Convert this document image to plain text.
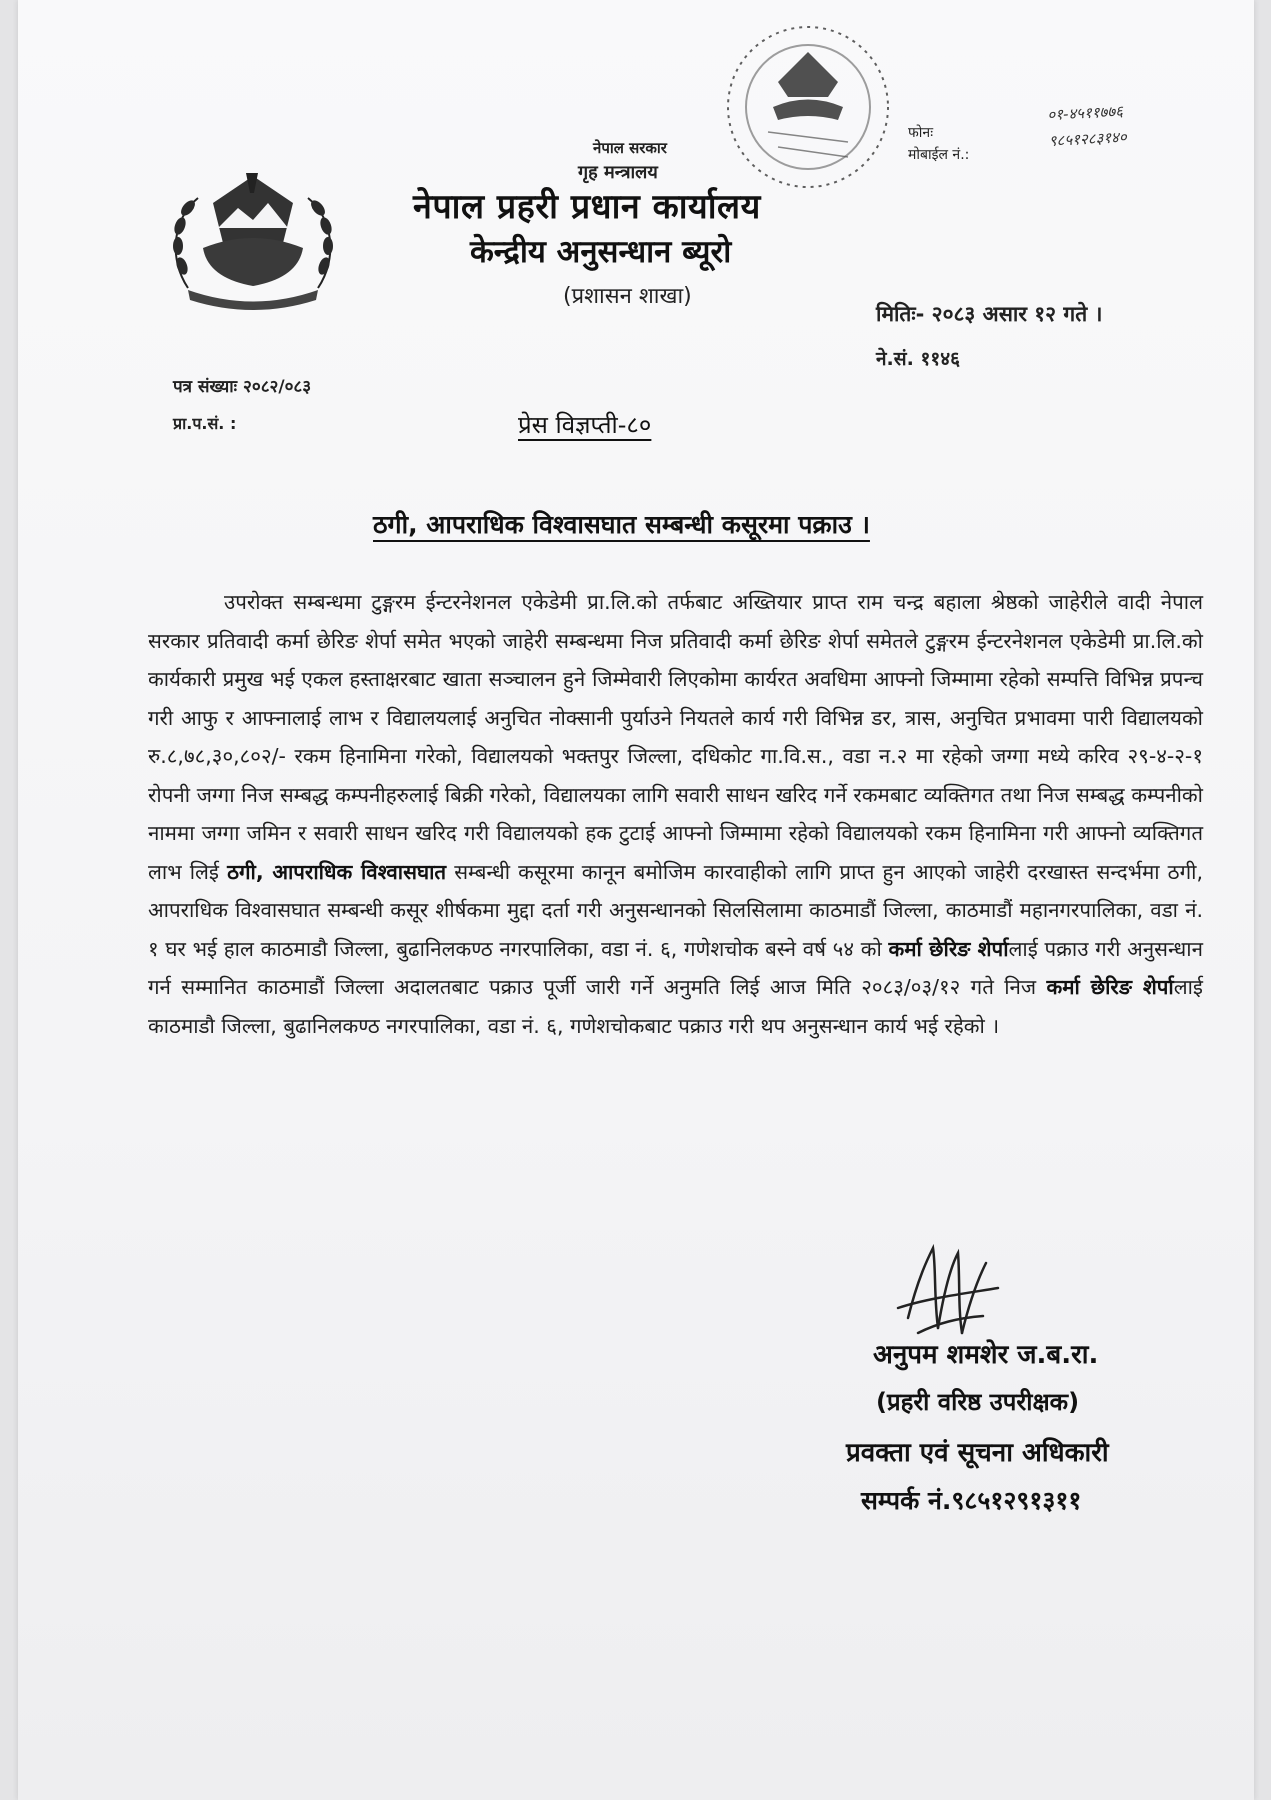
नेपाल सरकार
गृह मन्त्रालय
नेपाल प्रहरी प्रधान कार्यालय
केन्द्रीय अनुसन्धान ब्यूरो
(प्रशासन शाखा)
फोनः
मोबाईल नं.:
०१-४५११७७६
९८५१२८३१४०
मितिः- २०८३ असार १२ गते ।
ने.सं. ११४६
पत्र संख्याः २०८२/०८३
प्रा.प.सं. :	प्रेस विज्ञप्ती-८०
ठगी, आपराधिक विश्वासघात सम्बन्धी कसूरमा पक्राउ ।

उपरोक्त सम्बन्धमा टुङ्गरम ईन्टरनेशनल एकेडेमी प्रा.लि.को तर्फबाट अख्तियार प्राप्त राम चन्द्र बहाला श्रेष्ठको जाहेरीले वादी नेपाल सरकार प्रतिवादी कर्मा छेरिङ शेर्पा समेत भएको जाहेरी सम्बन्धमा निज प्रतिवादी कर्मा छेरिङ शेर्पा समेतले टुङ्गरम ईन्टरनेशनल एकेडेमी प्रा.लि.को कार्यकारी प्रमुख भई एकल हस्ताक्षरबाट खाता सञ्चालन हुने जिम्मेवारी लिएकोमा कार्यरत अवधिमा आफ्नो जिम्मामा रहेको सम्पत्ति विभिन्न प्रपन्च गरी आफु र आफ्नालाई लाभ र विद्यालयलाई अनुचित नोक्सानी पुर्याउने नियतले कार्य गरी विभिन्न डर, त्रास, अनुचित प्रभावमा पारी विद्यालयको रु.८,७८,३०,८०२/- रकम हिनामिना गरेको, विद्यालयको भक्तपुर जिल्ला, दधिकोट गा.वि.स., वडा न.२ मा रहेको जग्गा मध्ये करिव २९-४-२-१ रोपनी जग्गा निज सम्बद्ध कम्पनीहरुलाई बिक्री गरेको, विद्यालयका लागि सवारी साधन खरिद गर्ने रकमबाट व्यक्तिगत तथा निज सम्बद्ध कम्पनीको नाममा जग्गा जमिन र सवारी साधन खरिद गरी विद्यालयको हक टुटाई आफ्नो जिम्मामा रहेको विद्यालयको रकम हिनामिना गरी आफ्नो व्यक्तिगत लाभ लिई ठगी, आपराधिक विश्वासघात सम्बन्धी कसूरमा कानून बमोजिम कारवाहीको लागि प्राप्त हुन आएको जाहेरी दरखास्त सन्दर्भमा ठगी, आपराधिक विश्वासघात सम्बन्धी कसूर शीर्षकमा मुद्दा दर्ता गरी अनुसन्धानको सिलसिलामा काठमाडौं जिल्ला, काठमाडौं महानगरपालिका, वडा नं. १ घर भई हाल काठमाडौ जिल्ला, बुढानिलकण्ठ नगरपालिका, वडा नं. ६, गणेशचोक बस्ने वर्ष ५४ को कर्मा छेरिङ शेर्पालाई पक्राउ गरी अनुसन्धान गर्न सम्मानित काठमाडौं जिल्ला अदालतबाट पक्राउ पूर्जी जारी गर्ने अनुमति लिई आज मिति २०८३/०३/१२ गते निज कर्मा छेरिङ शेर्पालाई काठमाडौ जिल्ला, बुढानिलकण्ठ नगरपालिका, वडा नं. ६, गणेशचोकबाट पक्राउ गरी थप अनुसन्धान कार्य भई रहेको ।

अनुपम शमशेर ज.ब.रा.
(प्रहरी वरिष्ठ उपरीक्षक)
प्रवक्ता एवं सूचना अधिकारी
सम्पर्क नं.९८५१२९१३११
